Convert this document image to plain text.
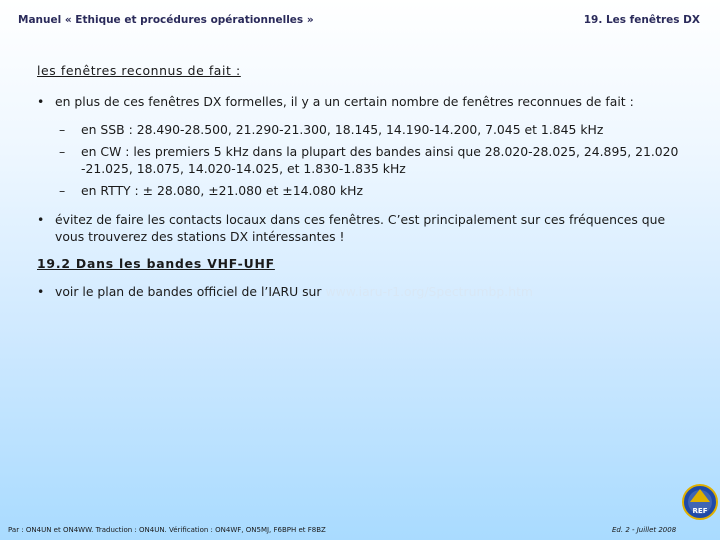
Manuel « Ethique et procédures opérationnelles »	19. Les fenêtres DX
les fenêtres reconnus de fait :
• en plus de ces fenêtres DX formelles, il y a un certain nombre de fenêtres reconnues de fait :
–	en SSB : 28.490-28.500, 21.290-21.300, 18.145, 14.190-14.200, 7.045 et 1.845 kHz
–	en CW : les premiers 5 kHz dans la plupart des bandes ainsi que 28.020-28.025, 24.895, 21.020 -21.025, 18.075, 14.020-14.025, et 1.830-1.835 kHz
–	en RTTY : ± 28.080, ±21.080 et ±14.080 kHz
• évitez de faire les contacts locaux dans ces fenêtres. C’est principalement sur ces fréquences que vous trouverez des stations DX intéressantes !
19.2 Dans les bandes VHF-UHF
• voir le plan de bandes officiel de l’IARU sur www.iaru-r1.org/Spectrumbp.htm
REF
Par : ON4UN et ON4WW. Traduction : ON4UN. Vérification : ON4WF, ON5MJ, F6BPH et F8BZ	Ed. 2 - Juillet 2008
